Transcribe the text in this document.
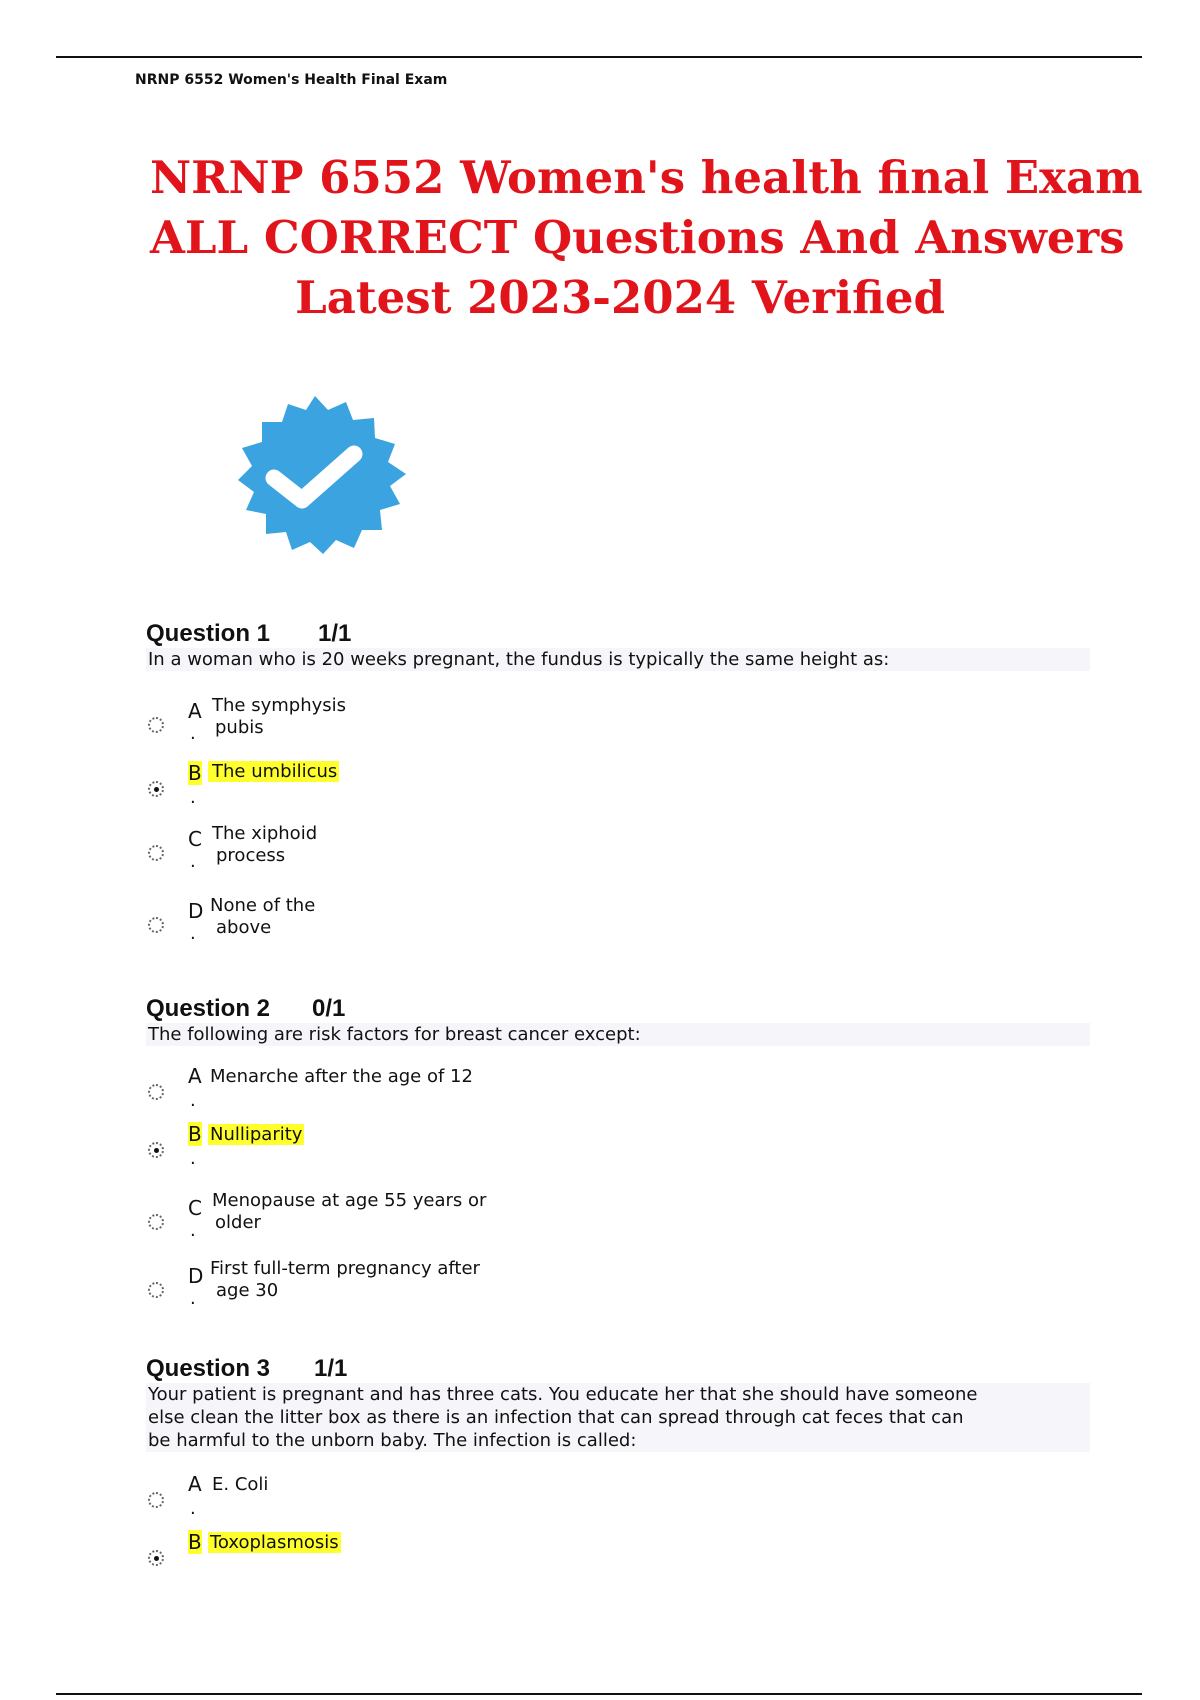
NRNP 6552 Women's Health Final Exam
NRNP 6552 Women's health final Exam
ALL CORRECT Questions And Answers
Latest 2023-2024 Verified
Question 1 1/1
In a woman who is 20 weeks pregnant, the fundus is typically the same height as:
A
.
The symphysis
pubis
B
.
The umbilicus
C
.
The xiphoid
process
D
.
None of the
above
Question 2 0/1
The following are risk factors for breast cancer except:
A
.
Menarche after the age of 12
B
.
Nulliparity
C
.
Menopause at age 55 years or
older
D
.
First full-term pregnancy after
age 30
Question 3 1/1
Your patient is pregnant and has three cats. You educate her that she should have someone
else clean the litter box as there is an infection that can spread through cat feces that can
be harmful to the unborn baby. The infection is called:
A
.
E. Coli
B Toxoplasmosis
